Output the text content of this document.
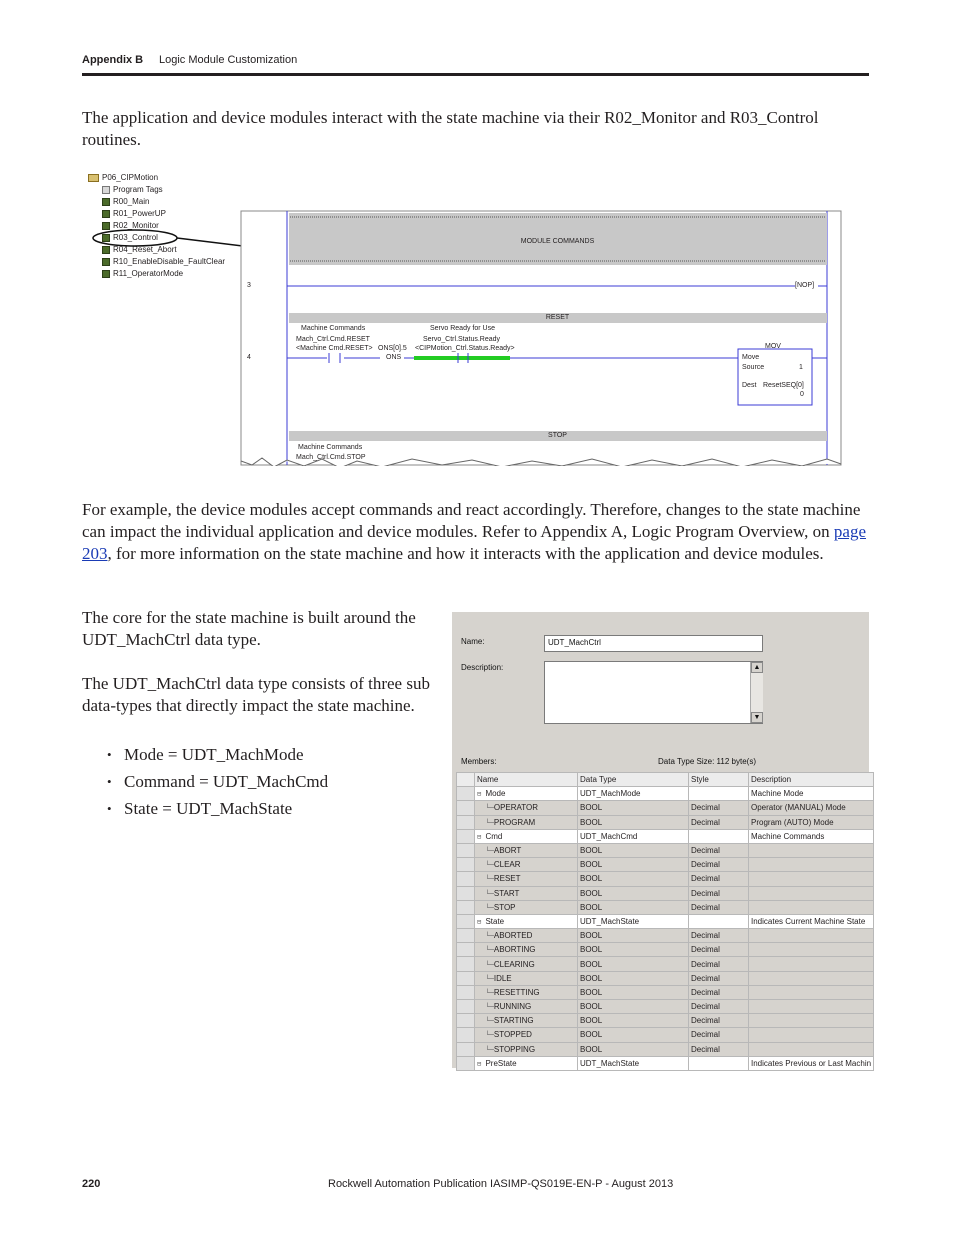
Appendix B Logic Module Customization
The application and device modules interact with the state machine via their R02_Monitor and R03_Control routines.
P06_CIPMotion
Program Tags
R00_Main
R01_PowerUP
R02_Monitor
R03_Control
R04_Reset_Abort
R10_EnableDisable_FaultClear
R11_OperatorMode
MODULE COMMANDS
3	[NOP]
RESET
Machine Commands	Servo Ready for Use
Mach_Ctrl.Cmd.RESET
<Machine Cmd.RESET> ONS[0].5
Servo_Ctrl.Status.Ready
<CIPMotion_Ctrl.Status.Ready>
4	ONS
MOV
Move
Source	1
Dest ResetSEQ[0]
0
STOP
Machine Commands
Mach_Ctrl.Cmd.STOP
For example, the device modules accept commands and react accordingly. Therefore, changes to the state machine can impact the individual application and device modules. Refer to Appendix A, Logic Program Overview, on page 203, for more information on the state machine and how it interacts with the application and device modules.
The core for the state machine is built around the UDT_MachCtrl data type.
The UDT_MachCtrl data type consists of three sub data-types that directly impact the state machine.
• Mode = UDT_MachMode
• Command = UDT_MachCmd
• State = UDT_MachState
Name:	UDT_MachCtrl
Description:	▲
▼
Members:	Data Type Size: 112 byte(s)
	Name	Data Type	Style	Description
	⊟ Mode	UDT_MachMode		Machine Mode
	└─OPERATOR	BOOL	Decimal	Operator (MANUAL) Mode
	└─PROGRAM	BOOL	Decimal	Program (AUTO) Mode
	⊟ Cmd	UDT_MachCmd		Machine Commands
	└─ABORT	BOOL	Decimal	
	└─CLEAR	BOOL	Decimal	
	└─RESET	BOOL	Decimal	
	└─START	BOOL	Decimal	
	└─STOP	BOOL	Decimal	
	⊟ State	UDT_MachState		Indicates Current Machine State
	└─ABORTED	BOOL	Decimal	
	└─ABORTING	BOOL	Decimal	
	└─CLEARING	BOOL	Decimal	
	└─IDLE	BOOL	Decimal	
	└─RESETTING	BOOL	Decimal	
	└─RUNNING	BOOL	Decimal	
	└─STARTING	BOOL	Decimal	
	└─STOPPED	BOOL	Decimal	
	└─STOPPING	BOOL	Decimal	
	⊟ PreState	UDT_MachState		Indicates Previous or Last Machin
220	Rockwell Automation Publication IASIMP-QS019E-EN-P - August 2013
